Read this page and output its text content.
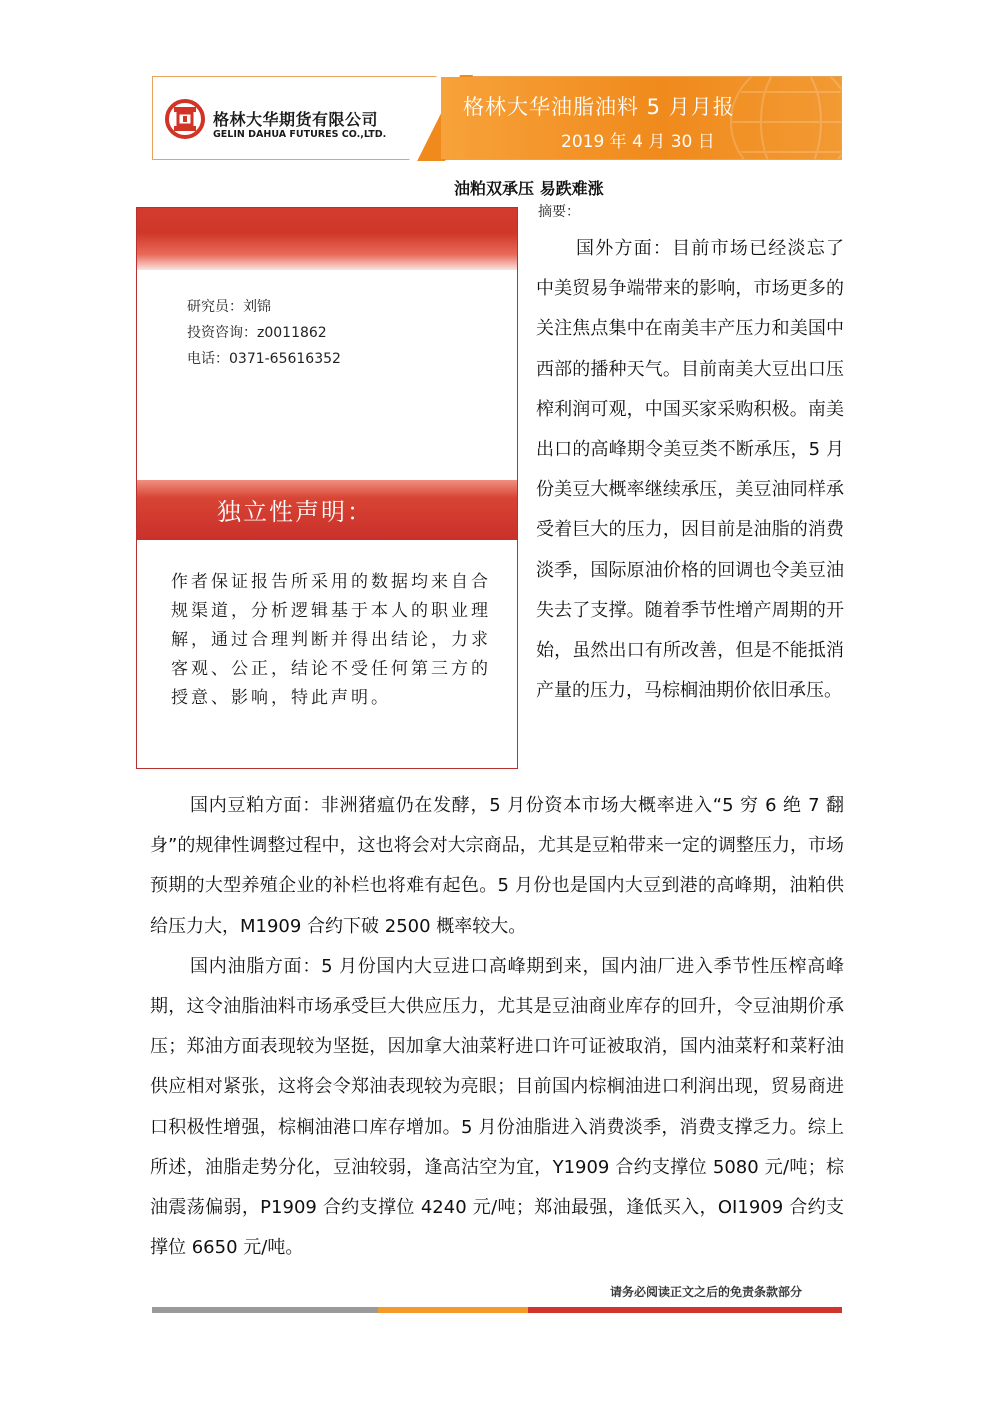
格林大华期货有限公司
GELIN DAHUA FUTURES CO.,LTD.
格林大华油脂油料 5 月月报
2019 年 4 月 30 日
油粕双承压 易跌难涨
研究员：刘锦
投资咨询：z0011862
电话：0371-65616352
独立性声明：
作者保证报告所采用的数据均来自合规渠道，分析逻辑基于本人的职业理解，通过合理判断并得出结论，力求客观、公正，结论不受任何第三方的授意、影响，特此声明。
摘要：
国外方面：目前市场已经淡忘了中美贸易争端带来的影响，市场更多的关注焦点集中在南美丰产压力和美国中西部的播种天气。目前南美大豆出口压榨利润可观，中国买家采购积极。南美出口的高峰期令美豆类不断承压，5 月份美豆大概率继续承压，美豆油同样承受着巨大的压力，因目前是油脂的消费淡季，国际原油价格的回调也令美豆油失去了支撑。随着季节性增产周期的开始，虽然出口有所改善，但是不能抵消产量的压力，马棕榈油期价依旧承压。

国内豆粕方面：非洲猪瘟仍在发酵，5 月份资本市场大概率进入“5 穷 6 绝 7 翻身”的规律性调整过程中，这也将会对大宗商品，尤其是豆粕带来一定的调整压力，市场预期的大型养殖企业的补栏也将难有起色。5 月份也是国内大豆到港的高峰期，油粕供给压力大，M1909 合约下破 2500 概率较大。

国内油脂方面：5 月份国内大豆进口高峰期到来，国内油厂进入季节性压榨高峰期，这令油脂油料市场承受巨大供应压力，尤其是豆油商业库存的回升，令豆油期价承压；郑油方面表现较为坚挺，因加拿大油菜籽进口许可证被取消，国内油菜籽和菜籽油供应相对紧张，这将会令郑油表现较为亮眼；目前国内棕榈油进口利润出现，贸易商进口积极性增强，棕榈油港口库存增加。5 月份油脂进入消费淡季，消费支撑乏力。综上所述，油脂走势分化，豆油较弱，逢高沽空为宜，Y1909 合约支撑位 5080 元/吨；棕油震荡偏弱，P1909 合约支撑位 4240 元/吨；郑油最强，逢低买入，OI1909 合约支撑位 6650 元/吨。

请务必阅读正文之后的免责条款部分
